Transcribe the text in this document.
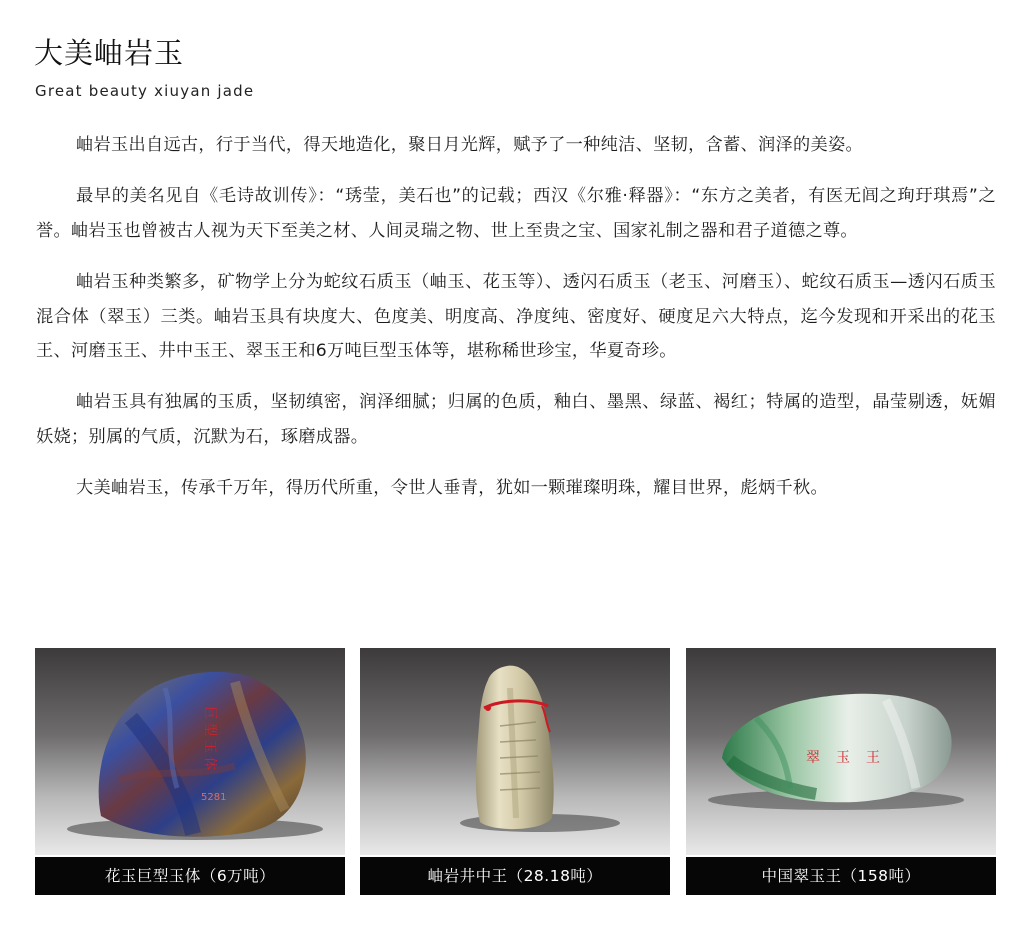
大美岫岩玉
Great beauty xiuyan jade

岫岩玉出自远古，行于当代，得天地造化，聚日月光辉，赋予了一种纯洁、坚韧，含蓄、润泽的美姿。

最早的美名见自《毛诗故训传》：“琇莹，美石也”的记载；西汉《尔雅·释器》：“东方之美者，有医无闾之珣玗琪焉”之誉。岫岩玉也曾被古人视为天下至美之材、人间灵瑞之物、世上至贵之宝、国家礼制之器和君子道德之尊。

岫岩玉种类繁多，矿物学上分为蛇纹石质玉（岫玉、花玉等）、透闪石质玉（老玉、河磨玉）、蛇纹石质玉—透闪石质玉混合体（翠玉）三类。岫岩玉具有块度大、色度美、明度高、净度纯、密度好、硬度足六大特点，迄今发现和开采出的花玉王、河磨玉王、井中玉王、翠玉王和6万吨巨型玉体等，堪称稀世珍宝，华夏奇珍。

岫岩玉具有独属的玉质，坚韧缜密，润泽细腻；归属的色质，釉白、墨黑、绿蓝、褐红；特属的造型，晶莹剔透，妩媚妖娆；别属的气质，沉默为石，琢磨成器。

大美岫岩玉，传承千万年，得历代所重，令世人垂青，犹如一颗璀璨明珠，耀目世界，彪炳千秋。

巨型玉体
5281
花玉巨型玉体（6万吨）	岫岩井中王（28.18吨）
翠玉王
中国翠玉王（158吨）
